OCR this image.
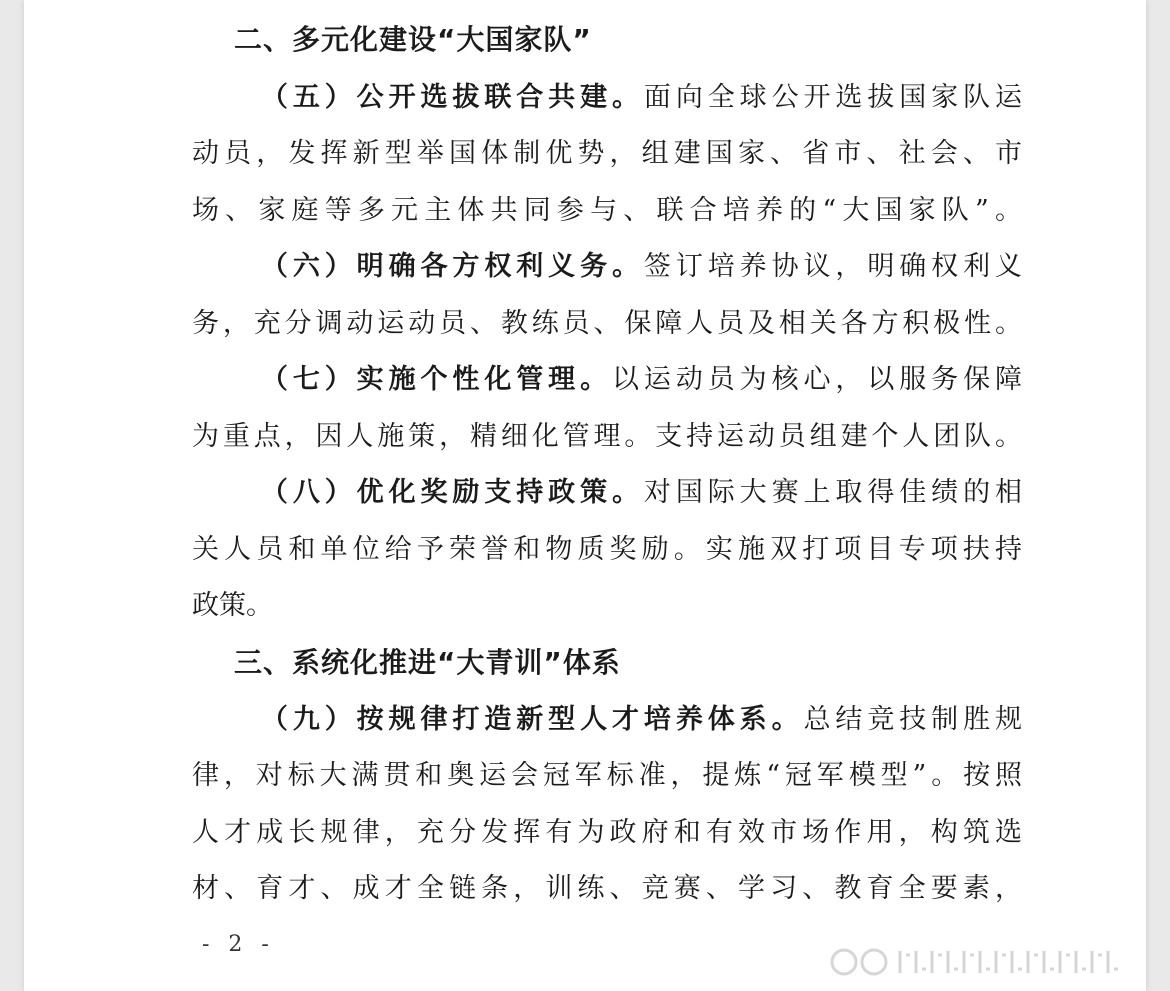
二、多元化建设“大国家队”
（五）公开选拔联合共建。面向全球公开选拔国家队运
动员，发挥新型举国体制优势，组建国家、省市、社会、市
场、家庭等多元主体共同参与、联合培养的“大国家队”。
（六）明确各方权利义务。签订培养协议，明确权利义
务，充分调动运动员、教练员、保障人员及相关各方积极性。
（七）实施个性化管理。以运动员为核心，以服务保障
为重点，因人施策，精细化管理。支持运动员组建个人团队。
（八）优化奖励支持政策。对国际大赛上取得佳绩的相
关人员和单位给予荣誉和物质奖励。实施双打项目专项扶持
政策。
三、系统化推进“大青训”体系
（九）按规律打造新型人才培养体系。总结竞技制胜规
律，对标大满贯和奥运会冠军标准，提炼“冠军模型”。按照
人才成长规律，充分发挥有为政府和有效市场作用，构筑选
材、育才、成才全链条，训练、竞赛、学习、教育全要素，
- 2 -
